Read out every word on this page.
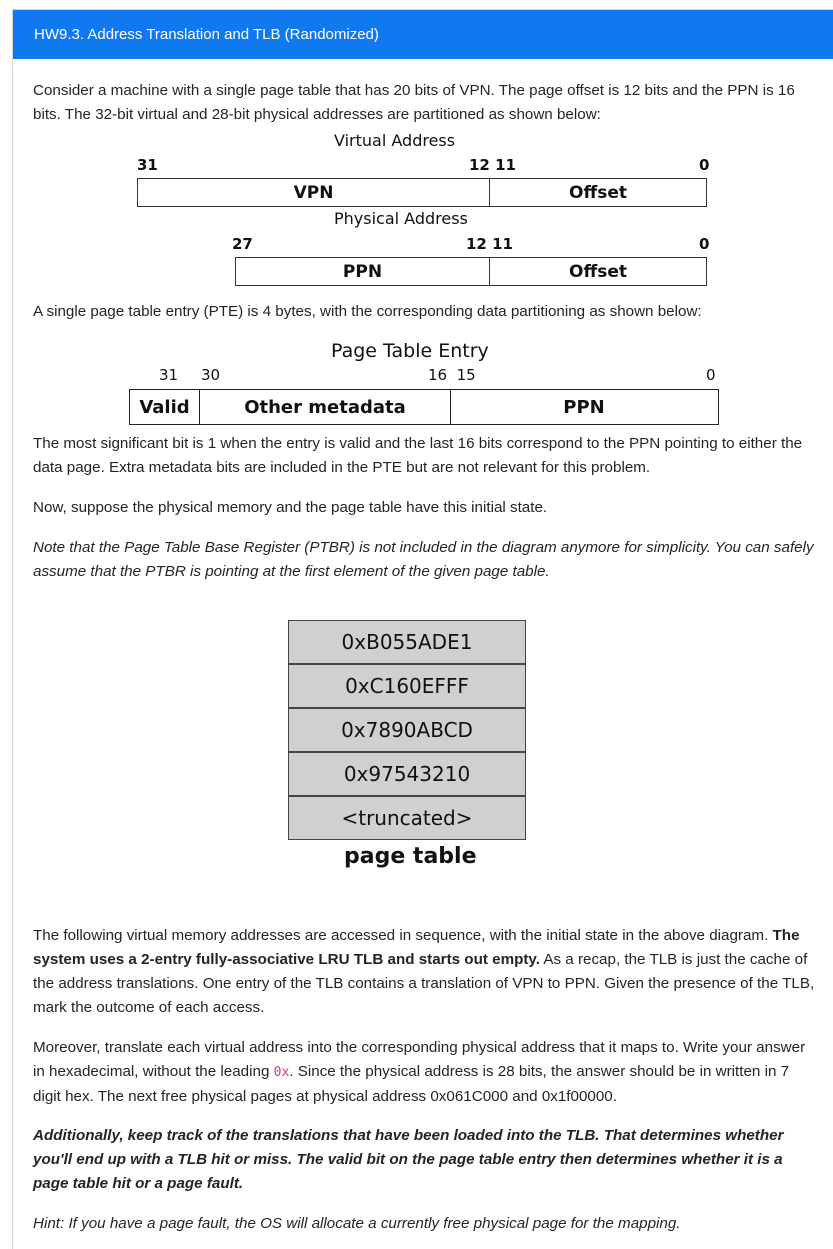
HW9.3. Address Translation and TLB (Randomized)

Consider a machine with a single page table that has 20 bits of VPN. The page offset is 12 bits and the PPN is 16 bits. The 32-bit virtual and 28-bit physical addresses are partitioned as shown below:

Virtual Address
31	12 11	0
VPN	Offset
Physical Address
27	12 11	0
PPN	Offset

A single page table entry (PTE) is 4 bytes, with the corresponding data partitioning as shown below:

Page Table Entry
31 30	16  15	0
Valid	Other metadata	PPN

The most significant bit is 1 when the entry is valid and the last 16 bits correspond to the PPN pointing to either the data page. Extra metadata bits are included in the PTE but are not relevant for this problem.

Now, suppose the physical memory and the page table have this initial state.

Note that the Page Table Base Register (PTBR) is not included in the diagram anymore for simplicity. You can safely assume that the PTBR is pointing at the first element of the given page table.

0xB055ADE1
0xC160EFFF
0x7890ABCD
0x97543210
<truncated>
page table

The following virtual memory addresses are accessed in sequence, with the initial state in the above diagram. The system uses a 2-entry fully-associative LRU TLB and starts out empty. As a recap, the TLB is just the cache of the address translations. One entry of the TLB contains a translation of VPN to PPN. Given the presence of the TLB, mark the outcome of each access.

Moreover, translate each virtual address into the corresponding physical address that it maps to. Write your answer in hexadecimal, without the leading 0x. Since the physical address is 28 bits, the answer should be in written in 7 digit hex. The next free physical pages at physical address 0x061C000 and 0x1f00000.

Additionally, keep track of the translations that have been loaded into the TLB. That determines whether you'll end up with a TLB hit or miss. The valid bit on the page table entry then determines whether it is a page table hit or a page fault.

Hint: If you have a page fault, the OS will allocate a currently free physical page for the mapping.
